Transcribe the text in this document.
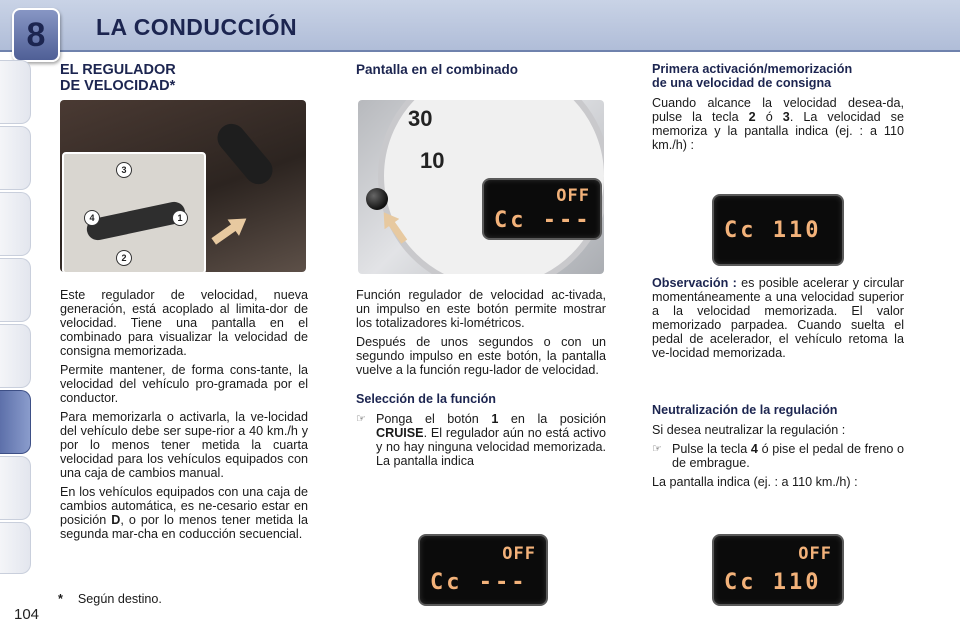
8	LA CONDUCCIÓN
104
EL REGULADOR
DE VELOCIDAD*
3
4	1
2

Este regulador de velocidad, nueva generación, está acoplado al limita-dor de velocidad. Tiene una pantalla en el combinado para visualizar la velocidad de consigna memorizada.

Permite mantener, de forma cons-tante, la velocidad del vehículo pro-gramada por el conductor.

Para memorizarla o activarla, la ve-locidad del vehículo debe ser supe-rior a 40 km./h y por lo menos tener metida la cuarta velocidad para los vehículos equipados con una caja de cambios manual.

En los vehículos equipados con una caja de cambios automática, es ne-cesario estar en posición D, o por lo menos tener metida la segunda mar-cha en coducción secuencial.

* Según destino.
Pantalla en el combinado
30
10
OFF
Cc ---

Función regulador de velocidad ac-tivada, un impulso en este botón permite mostrar los totalizadores ki-lométricos.

Después de unos segundos o con un segundo impulso en este botón, la pantalla vuelve a la función regu-lador de velocidad.

Selección de la función
☞ Ponga el botón 1 en la posición CRUISE. El regulador aún no está activo y no hay ninguna velocidad memorizada. La pantalla indica
OFF
Cc ---
Primera activación/memorización
de una velocidad de consigna

Cuando alcance la velocidad desea-da, pulse la tecla 2 ó 3. La velocidad se memoriza y la pantalla indica (ej. : a 110 km./h) :

Cc 110

Observación : es posible acelerar y circular momentáneamente a una velocidad superior a la velocidad memorizada. El valor memorizado parpadea. Cuando suelta el pedal de acelerador, el vehículo retoma la ve-locidad memorizada.

Neutralización de la regulación

Si desea neutralizar la regulación :

☞ Pulse la tecla 4 ó pise el pedal de freno o de embrague.

La pantalla indica (ej. : a 110 km./h) :

OFF
Cc 110
